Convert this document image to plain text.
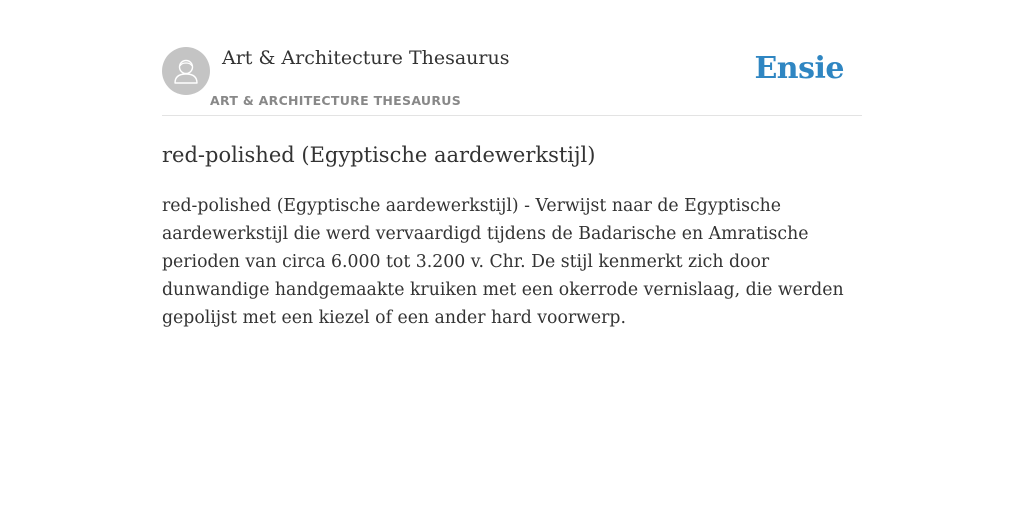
Art & Architecture Thesaurus
ART & ARCHITECTURE THESAURUS
Ensie
red-polished (Egyptische aardewerkstijl)

red-polished (Egyptische aardewerkstijl) - Verwijst naar de Egyptische aardewerkstijl die werd vervaardigd tijdens de Badarische en Amratische perioden van circa 6.000 tot 3.200 v. Chr. De stijl kenmerkt zich door dunwandige handgemaakte kruiken met een okerrode vernislaag, die werden gepolijst met een kiezel of een ander hard voorwerp.
